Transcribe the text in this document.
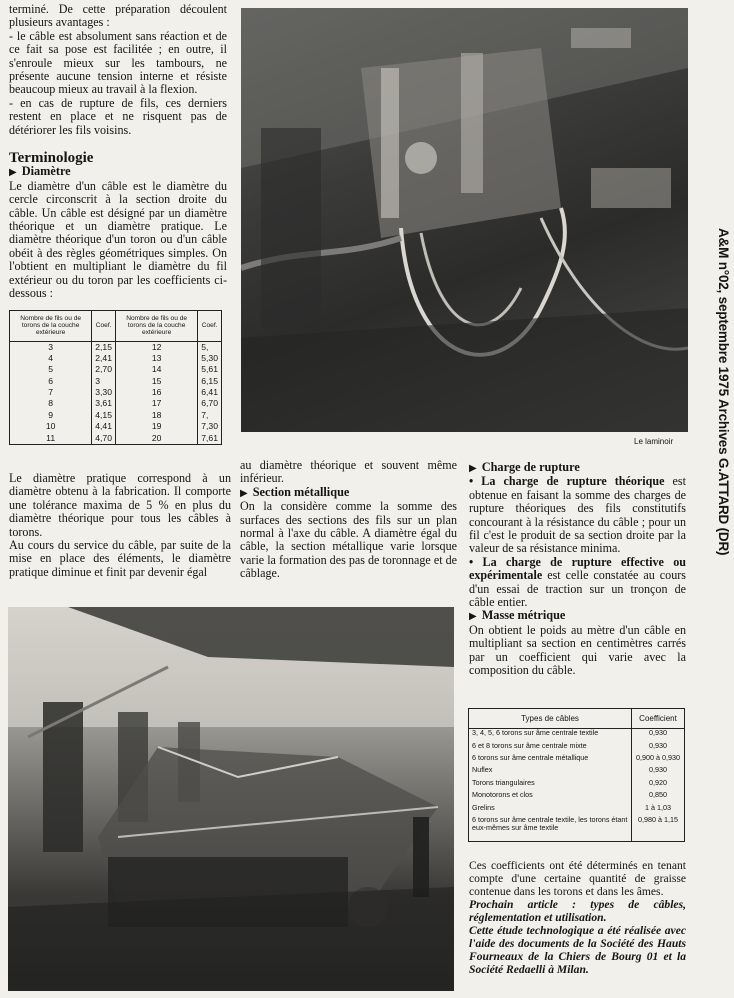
terminé. De cette préparation découlent plusieurs avantages :

- le câble est absolument sans réaction et de ce fait sa pose est facilitée ; en outre, il s'enroule mieux sur les tambours, ne présente aucune tension interne et résiste beaucoup mieux au travail à la flexion.

- en cas de rupture de fils, ces derniers restent en place et ne risquent pas de détériorer les fils voisins.

Terminologie
▶ Diamètre

Le diamètre d'un câble est le diamètre du cercle circonscrit à la section droite du câble. Un câble est désigné par un diamètre théorique et un diamètre pratique. Le diamètre théorique d'un toron ou d'un câble obéit à des règles géométriques simples. On l'obtient en multipliant le diamètre du fil extérieur ou du toron par les coefficients ci-dessous :

Nombre de fils ou de torons de la couche extérieure	Coef.	Nombre de fils ou de torons de la couche extérieure	Coef.
3	2,15	12	5,
4	2,41	13	5,30
5	2,70	14	5,61
6	3	15	6,15
7	3,30	16	6,41
8	3,61	17	6,70
9	4,15	18	7,
10	4,41	19	7,30
11	4,70	20	7,61	Le laminoir

Le diamètre pratique correspond à un diamètre obtenu à la fabrication. Il comporte une tolérance maxima de 5 % en plus du diamètre théorique pour tous les câbles à torons.

Au cours du service du câble, par suite de la mise en place des éléments, le diamètre pratique diminue et finit par devenir égal

au diamètre théorique et souvent même inférieur.

▶ Section métallique

On la considère comme la somme des surfaces des sections des fils sur un plan normal à l'axe du câble. A diamètre égal du câble, la section métallique varie lorsque varie la formation des pas de toronnage et de câblage.

▶ Charge de rupture

• La charge de rupture théorique est obtenue en faisant la somme des charges de rupture théoriques des fils constitutifs concourant à la résistance du câble ; pour un fil c'est le produit de sa section droite par la valeur de sa résistance minima.

• La charge de rupture effective ou expérimentale est celle constatée au cours d'un essai de traction sur un tronçon de câble entier.

▶ Masse métrique

On obtient le poids au mètre d'un câble en multipliant sa section en centimètres carrés par un coefficient qui varie avec la composition du câble.

Types de câbles	Coefficient
3, 4, 5, 6 torons sur âme centrale textile	0,930
6 et 8 torons sur âme centrale mixte	0,930
6 torons sur âme centrale métallique	0,900 à 0,930
Nuflex	0,930
Torons triangulaires	0,920
Monotorons et clos	0,850
Grelins	1 à 1,03
6 torons sur âme centrale textile, les torons étant eux-mêmes sur âme textile	0,980 à 1,15

Ces coefficients ont été déterminés en tenant compte d'une certaine quantité de graisse contenue dans les torons et dans les âmes.

Prochain article : types de câbles, réglementation et utilisation.

Cette étude technologique a été réalisée avec l'aide des documents de la Société des Hauts Fourneaux de la Chiers de Bourg 01 et la Société Redaelli à Milan.

A&M n°02, septembre 1975 Archives G.ATTARD (DR)
